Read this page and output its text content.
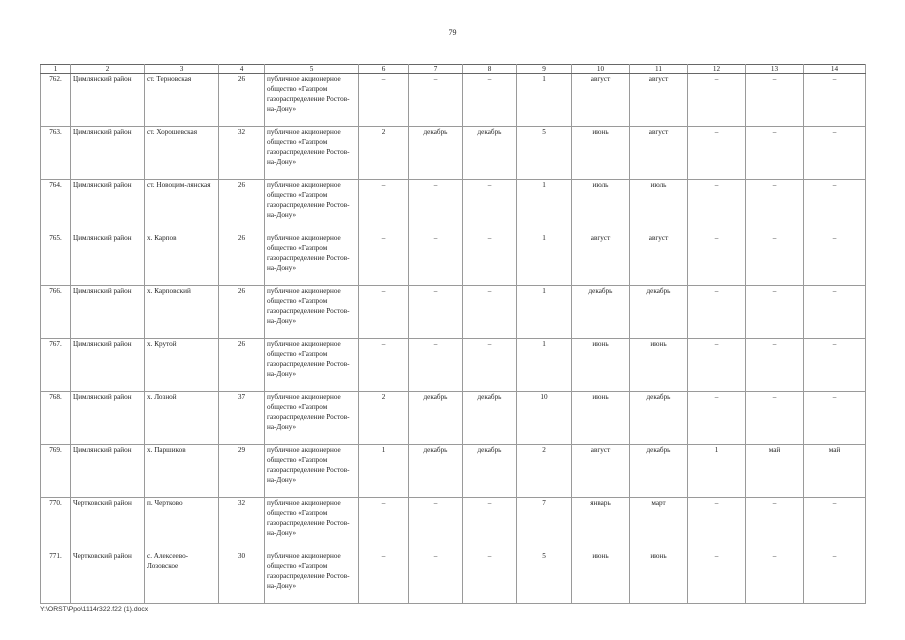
79
1	2	3	4	5	6	7	8	9	10	11	12	13	14
762.	Цимлянский район	ст. Терновская	26	публичное акционерное общество «Газпром газораспределение Ростов-на-Дону»	–	–	–	1	август	август	–	–	–
763.	Цимлянский район	ст. Хорошевская	32	публичное акционерное общество «Газпром газораспределение Ростов-на-Дону»	2	декабрь	декабрь	5	июнь	август	–	–	–
764.	Цимлянский район	ст. Новоцим-лянская	26	публичное акционерное общество «Газпром газораспределение Ростов-на-Дону»	–	–	–	1	июль	июль	–	–	–
765.	Цимлянский район	х. Карпов	26	публичное акционерное общество «Газпром газораспределение Ростов-на-Дону»	–	–	–	1	август	август	–	–	–
766.	Цимлянский район	х. Карповский	26	публичное акционерное общество «Газпром газораспределение Ростов-на-Дону»	–	–	–	1	декабрь	декабрь	–	–	–
767.	Цимлянский район	х. Крутой	26	публичное акционерное общество «Газпром газораспределение Ростов-на-Дону»	–	–	–	1	июнь	июнь	–	–	–
768.	Цимлянский район	х. Лозной	37	публичное акционерное общество «Газпром газораспределение Ростов-на-Дону»	2	декабрь	декабрь	10	июнь	декабрь	–	–	–
769.	Цимлянский район	х. Паршиков	29	публичное акционерное общество «Газпром газораспределение Ростов-на-Дону»	1	декабрь	декабрь	2	август	декабрь	1	май	май
770.	Чертковский район	п. Чертково	32	публичное акционерное общество «Газпром газораспределение Ростов-на-Дону»	–	–	–	7	январь	март	–	–	–
771.	Чертковский район	с. Алексеево-Лозовское	30	публичное акционерное общество «Газпром газораспределение Ростов-на-Дону»	–	–	–	5	июнь	июнь	–	–	–
Y:\ORST\Ppo\1114r322.f22 (1).docx
